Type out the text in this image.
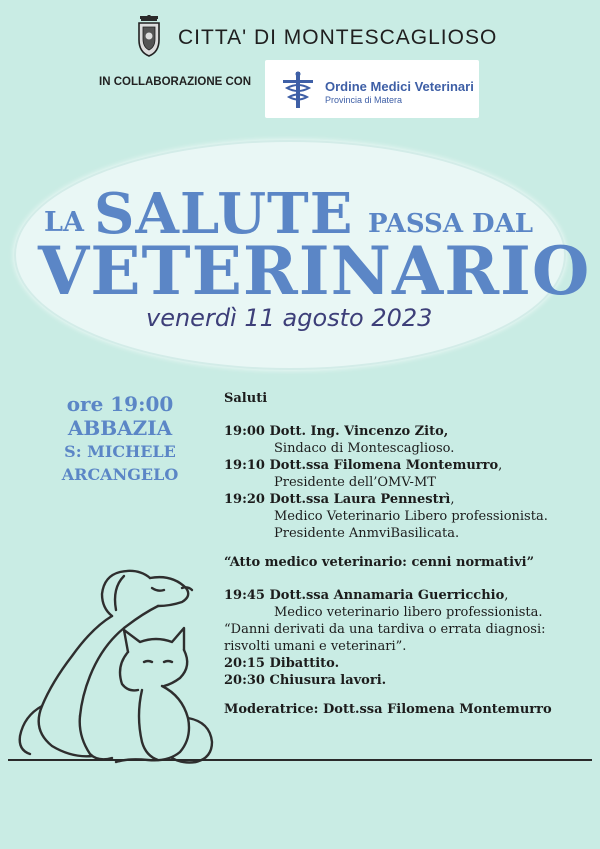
CITTA' DI MONTESCAGLIOSO
IN COLLABORAZIONE CON	Ordine Medici Veterinari
Provincia di Matera
LA SALUTE PASSA DAL
VETERINARIO
venerdì 11 agosto 2023
ore 19:00
ABBAZIA
S: MICHELE
ARCANGELO
Saluti
19:00 Dott. Ing. Vincenzo Zito,
Sindaco di Montescaglioso.
19:10 Dott.ssa Filomena Montemurro,
Presidente dell’OMV-MT
19:20 Dott.ssa Laura Pennestrì,
Medico Veterinario Libero professionista.
Presidente AnmviBasilicata.
“Atto medico veterinario: cenni normativi”
19:45 Dott.ssa Annamaria Guerricchio,
Medico veterinario libero professionista.
“Danni derivati da una tardiva o errata diagnosi:
risvolti umani e veterinari”.
20:15 Dibattito.
20:30 Chiusura lavori.
Moderatrice: Dott.ssa Filomena Montemurro
